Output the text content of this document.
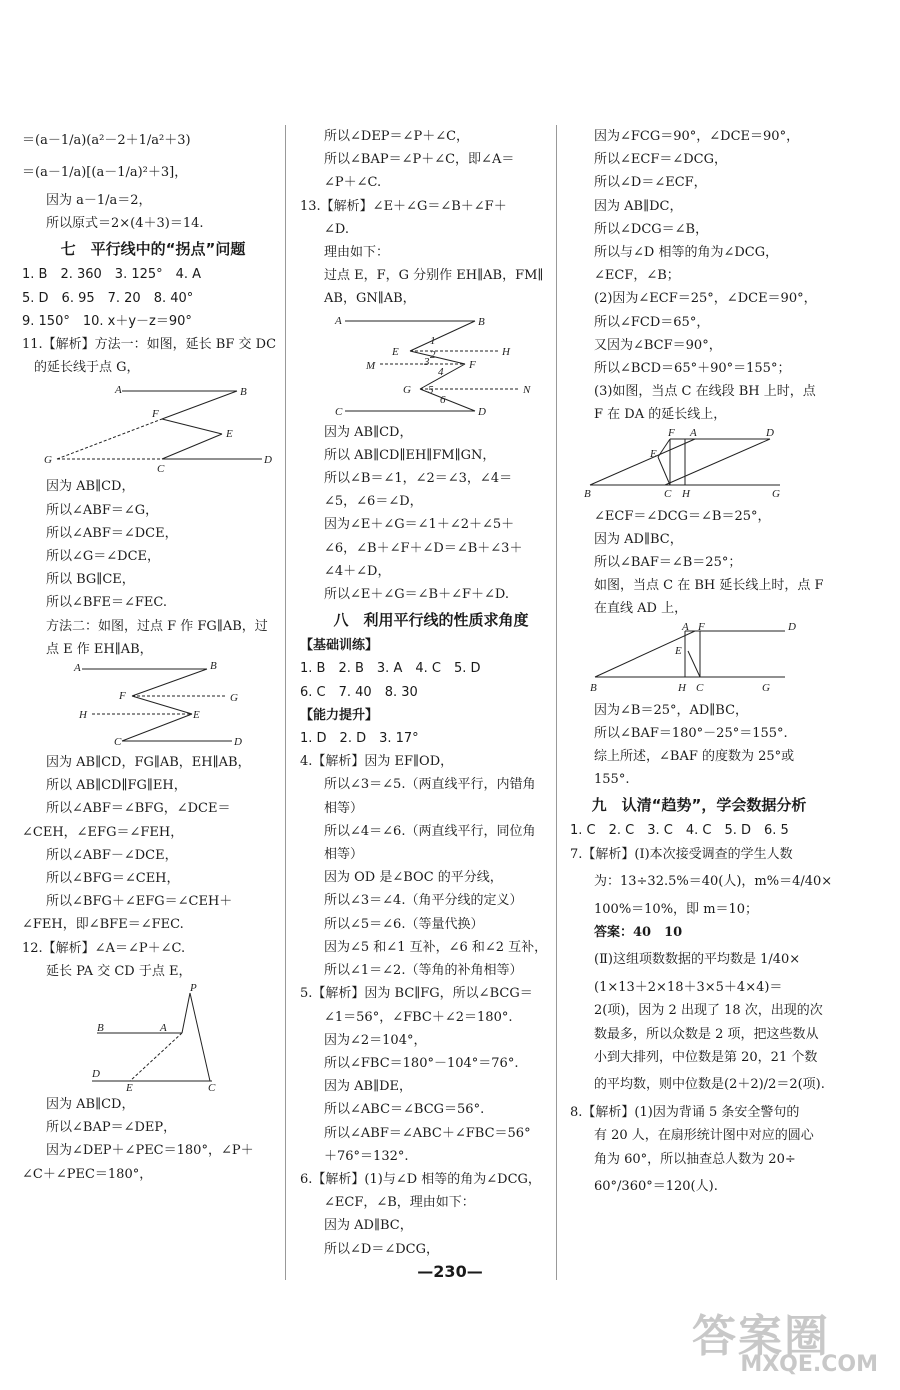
＝(a－1/a)(a²－2＋1/a²＋3)
＝(a－1/a)[(a－1/a)²＋3]，
因为 a－1/a＝2，
所以原式＝2×(4＋3)＝14.
七　平行线中的“拐点”问题
1. B　2. 360　3. 125°　4. A
5. D　6. 95　7. 20　8. 40°
9. 150°　10. x＋y－z＝90°
11.【解析】方法一：如图，延长 BF 交 DC
的延长线于点 G，
A	B
F
E
C
D
G
因为 AB∥CD，
所以∠ABF＝∠G，
所以∠ABF＝∠DCE，
所以∠G＝∠DCE，
所以 BG∥CE，
所以∠BFE＝∠FEC.
方法二：如图，过点 F 作 FG∥AB，过
点 E 作 EH∥AB，
A	B
F	G
H	E
C	D
因为 AB∥CD，FG∥AB，EH∥AB，
所以 AB∥CD∥FG∥EH，
所以∠ABF＝∠BFG，∠DCE＝
∠CEH，∠EFG＝∠FEH，
所以∠ABF－∠DCE，
所以∠BFG＝∠CEH，
所以∠BFG＋∠EFG＝∠CEH＋
∠FEH，即∠BFE＝∠FEC.
12.【解析】∠A＝∠P＋∠C.
延长 PA 交 CD 于点 E，
P
B	A
D
E	C
因为 AB∥CD，
所以∠BAP＝∠DEP，
因为∠DEP＋∠PEC＝180°，∠P＋
∠C＋∠PEC＝180°，
所以∠DEP＝∠P＋∠C，
所以∠BAP＝∠P＋∠C，即∠A＝
∠P＋∠C.
13.【解析】∠E＋∠G＝∠B＋∠F＋
∠D.
理由如下：
过点 E，F，G 分别作 EH∥AB，FM∥
AB，GN∥AB，
A	B
E	H
M	F
G	N
C	D
1
2
3
4
5
6
因为 AB∥CD，
所以 AB∥CD∥EH∥FM∥GN，
所以∠B＝∠1，∠2＝∠3，∠4＝
∠5，∠6＝∠D，
因为∠E＋∠G＝∠1＋∠2＋∠5＋
∠6，∠B＋∠F＋∠D＝∠B＋∠3＋
∠4＋∠D，
所以∠E＋∠G＝∠B＋∠F＋∠D.
八　利用平行线的性质求角度
【基础训练】
1. B　2. B　3. A　4. C　5. D
6. C　7. 40　8. 30
【能力提升】
1. D　2. D　3. 17°
4.【解析】因为 EF∥OD，
所以∠3＝∠5.（两直线平行，内错角
相等）
所以∠4＝∠6.（两直线平行，同位角
相等）
因为 OD 是∠BOC 的平分线，
所以∠3＝∠4.（角平分线的定义）
所以∠5＝∠6.（等量代换）
因为∠5 和∠1 互补，∠6 和∠2 互补，
所以∠1＝∠2.（等角的补角相等）
5.【解析】因为 BC∥FG，所以∠BCG＝
∠1＝56°，∠FBC＋∠2＝180°.
因为∠2＝104°，
所以∠FBC＝180°－104°＝76°.
因为 AB∥DE，
所以∠ABC＝∠BCG＝56°.
所以∠ABF＝∠ABC＋∠FBC＝56°
＋76°＝132°.
6.【解析】(1)与∠D 相等的角为∠DCG，
∠ECF，∠B，理由如下：
因为 AD∥BC，
所以∠D＝∠DCG，
因为∠FCG＝90°，∠DCE＝90°，
所以∠ECF＝∠DCG，
所以∠D＝∠ECF，
因为 AB∥DC，
所以∠DCG＝∠B，
所以与∠D 相等的角为∠DCG，
∠ECF，∠B；
(2)因为∠ECF＝25°，∠DCE＝90°，
所以∠FCD＝65°，
又因为∠BCF＝90°，
所以∠BCD＝65°＋90°＝155°；
(3)如图，当点 C 在线段 BH 上时，点
F 在 DA 的延长线上，
F A	D
E
B	C H	G
∠ECF＝∠DCG＝∠B＝25°，
因为 AD∥BC，
所以∠BAF＝∠B＝25°；
如图，当点 C 在 BH 延长线上时，点 F
在直线 AD 上，
A F	D
E
B	H C	G
因为∠B＝25°，AD∥BC，
所以∠BAF＝180°－25°＝155°.
综上所述，∠BAF 的度数为 25°或
155°.
九　认清“趋势”，学会数据分析
1. C　2. C　3. C　4. C　5. D　6. 5
7.【解析】(Ⅰ)本次接受调查的学生人数
为：13÷32.5%＝40(人)，m%＝4/40×
100%＝10%，即 m＝10；
答案：40　10
(Ⅱ)这组项数数据的平均数是 1/40×
(1×13＋2×18＋3×5＋4×4)＝
2(项)，因为 2 出现了 18 次，出现的次
数最多，所以众数是 2 项，把这些数从
小到大排列，中位数是第 20，21 个数
的平均数，则中位数是(2＋2)/2＝2(项).
8.【解析】(1)因为背诵 5 条安全警句的
有 20 人，在扇形统计图中对应的圆心
角为 60°，所以抽查总人数为 20÷
60°/360°＝120(人).
—230—
答案圈
MXQE.COM
